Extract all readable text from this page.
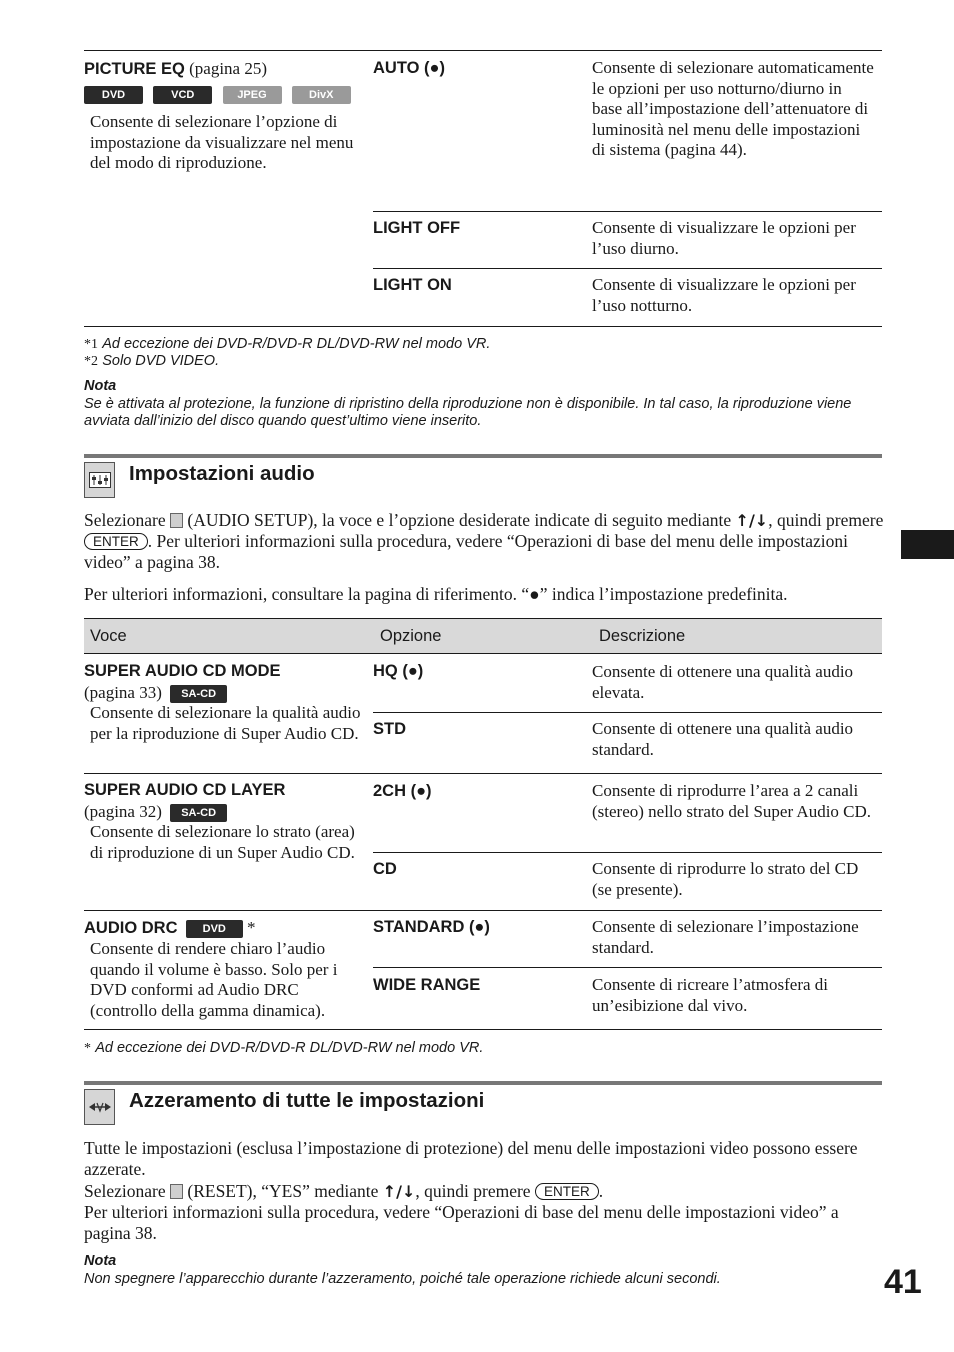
PICTURE EQ (pagina 25)
DVD	VCD	JPEG	DivX
Consente di selezionare l’opzione di impostazione da visualizzare nel menu del modo di riproduzione.
AUTO (●)	Consente di selezionare automaticamente le opzioni per uso notturno/diurno in base all’impostazione dell’attenuatore di luminosità nel menu delle impostazioni di sistema (pagina 44).
LIGHT OFF	Consente di visualizzare le opzioni per l’uso diurno.
LIGHT ON	Consente di visualizzare le opzioni per l’uso notturno.
*1 Ad eccezione dei DVD-R/DVD-R DL/DVD-RW nel modo VR.
*2 Solo DVD VIDEO.
Nota
Se è attivata al protezione, la funzione di ripristino della riproduzione non è disponibile. In tal caso, la riproduzione viene avviata dall’inizio del disco quando quest’ultimo viene inserito.
Impostazioni audio
Selezionare (AUDIO SETUP), la voce e l’opzione desiderate indicate di seguito mediante ↑/↓, quindi premere ENTER . Per ulteriori informazioni sulla procedura, vedere “Operazioni di base del menu delle impostazioni video” a pagina 38.
Per ulteriori informazioni, consultare la pagina di riferimento. “●” indica l’impostazione predefinita.
Voce	Opzione	Descrizione
SUPER AUDIO CD MODE
(pagina 33) SA-CD
Consente di selezionare la qualità audio per la riproduzione di Super Audio CD.
HQ (●)	Consente di ottenere una qualità audio elevata.
STD	Consente di ottenere una qualità audio standard.
SUPER AUDIO CD LAYER
(pagina 32) SA-CD
Consente di selezionare lo strato (area) di riproduzione di un Super Audio CD.
2CH (●)	Consente di riprodurre l’area a 2 canali (stereo) nello strato del Super Audio CD.
CD	Consente di riprodurre lo strato del CD (se presente).
AUDIO DRC DVD *
Consente di rendere chiaro l’audio quando il volume è basso. Solo per i DVD conformi ad Audio DRC (controllo della gamma dinamica).
STANDARD (●)	Consente di selezionare l’impostazione standard.
WIDE RANGE	Consente di ricreare l’atmosfera di un’esibizione dal vivo.
* Ad eccezione dei DVD-R/DVD-R DL/DVD-RW nel modo VR.
Azzeramento di tutte le impostazioni
Tutte le impostazioni (esclusa l’impostazione di protezione) del menu delle impostazioni video possono essere azzerate.
Selezionare (RESET), “YES” mediante ↑/↓, quindi premere ENTER .
Per ulteriori informazioni sulla procedura, vedere “Operazioni di base del menu delle impostazioni video” a pagina 38.
Nota
Non spegnere l’apparecchio durante l’azzeramento, poiché tale operazione richiede alcuni secondi.	41
